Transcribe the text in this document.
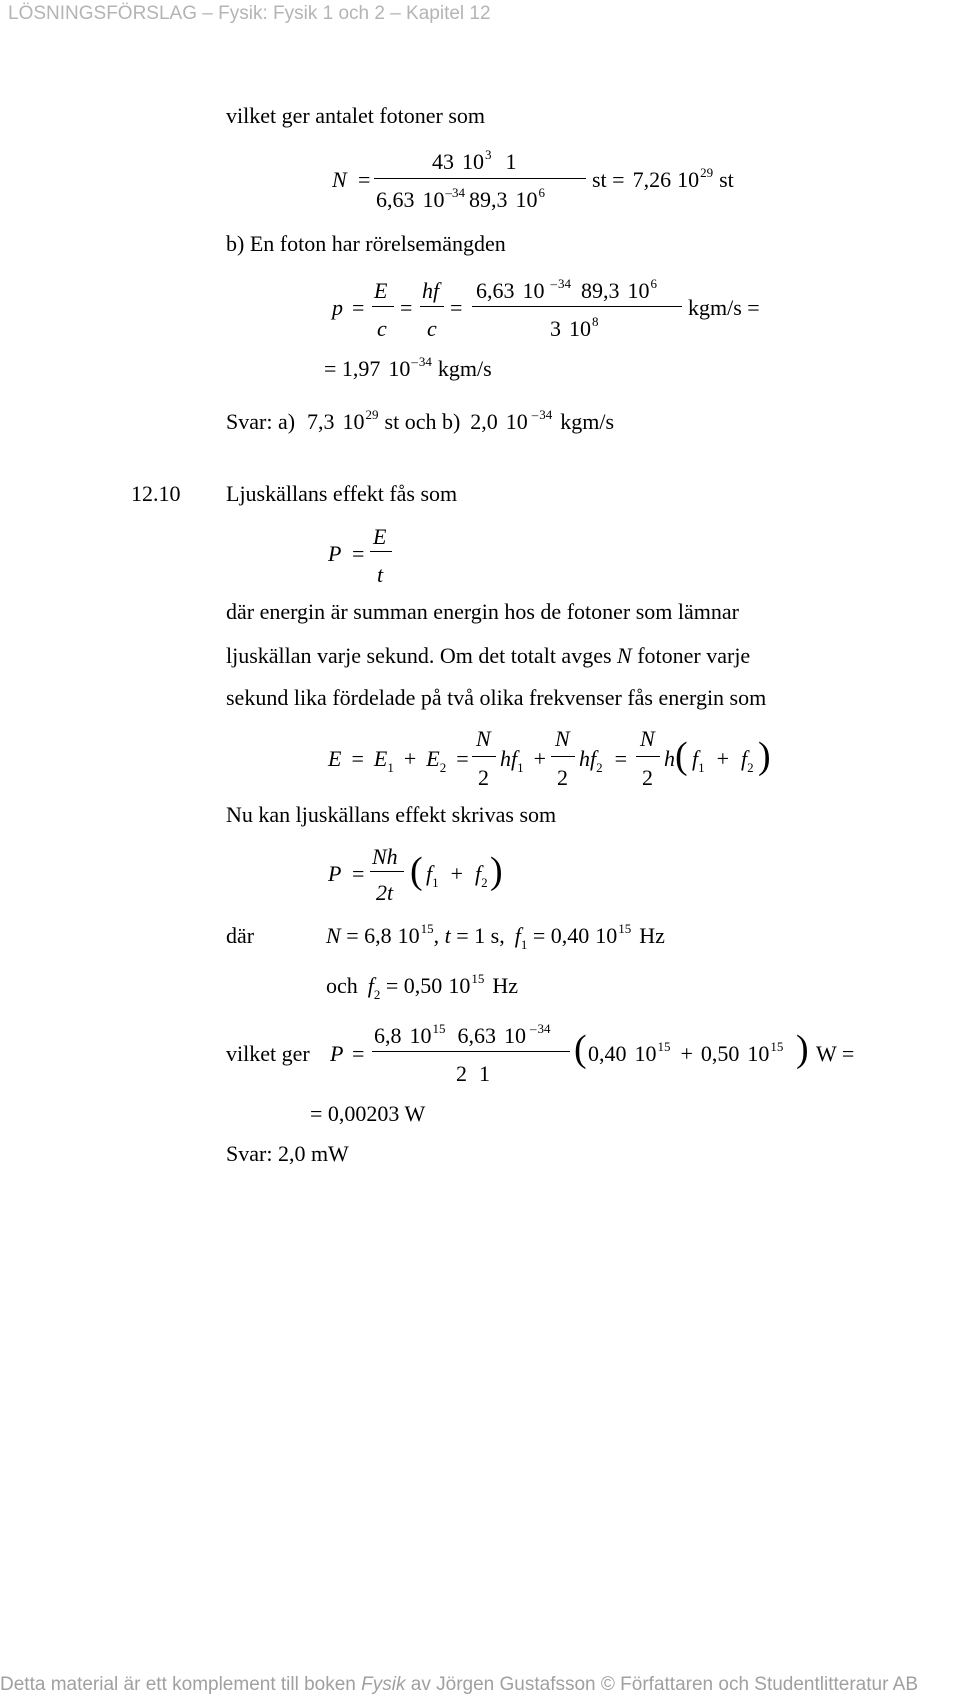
LÖSNINGSFÖRSLAG – Fysik: Fysik 1 och 2 – Kapitel 12
vilket ger antalet fotoner som
N =
43 $10^3$ 1
6,63 $10^{-34}$ 89,3 $10^6$
st = 7,26 $10^{29}$ st
b) En foton har rörelsemängden
p =
E
c
=
hf
c
=
6,63 10 $^{-34}$ 89,3 $10^6$
3 $10^8$
kgm/s =
= 1,97 $10^{-34}$ kgm/s
Svar: a) 7,3 $10^{29}$ st och b) 2,0 10 $^{-34}$ kgm/s
12.10 Ljuskällans effekt fås som
P =
E
t
där energin är summan energin hos de fotoner som lämnar
ljuskällan varje sekund. Om det totalt avges N fotoner varje
sekund lika fördelade på två olika frekvenser fås energin som
$E = E_1 + E_2$ =
N
2
$hf_1$ +
N
2
$hf_2$ =
N
2
h ( $f_1 + f_2$ )
Nu kan ljuskällans effekt skrivas som
P =
Nh
2t
( $f_1 + f_2$ )
där	N = 6,8 $10^{15}$, t = 1 s, $f_1 = 0,40$ $10^{15}$ Hz
och $f_2 = 0,50$ $10^{15}$ Hz
vilket ger P =
6,8 $10^{15}$ 6,63 10 $^{-34}$
2 1
( 0,40 $10^{15} + 0,50$ $10^{15}$ ) W =
= 0,00203 W
Svar: 2,0 mW
Detta material är ett komplement till boken Fysik av Jörgen Gustafsson © Författaren och Studentlitteratur AB
